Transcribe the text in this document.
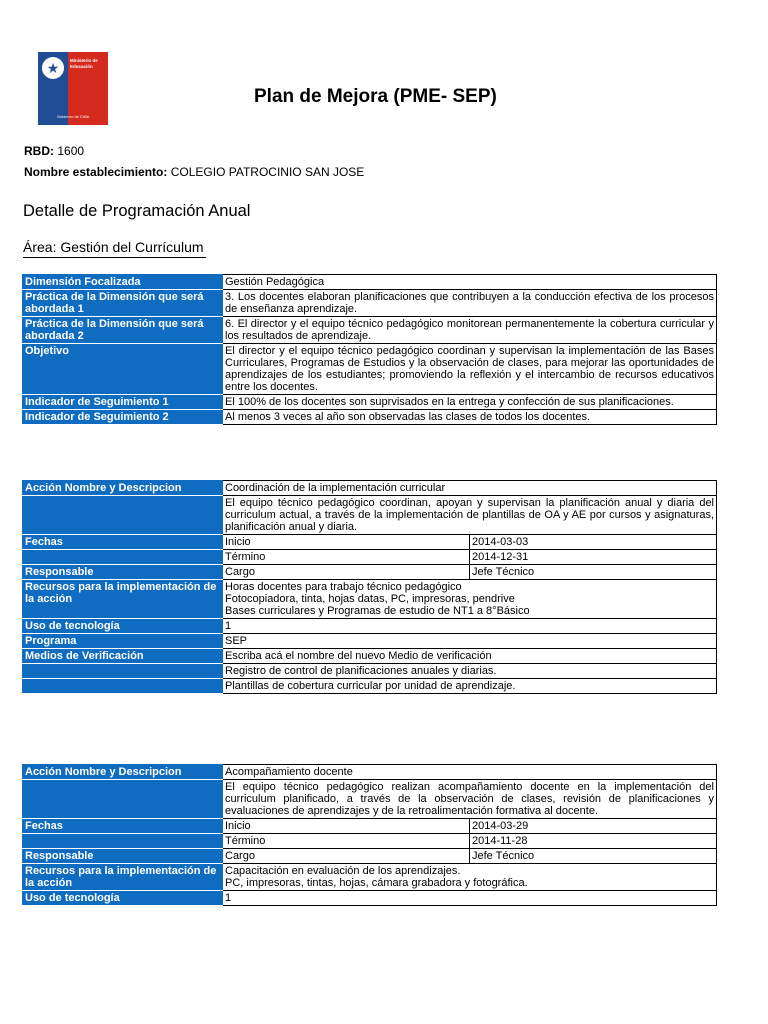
★	Ministerio de
Educación
Gobierno de Chile
Plan de Mejora (PME- SEP)
RBD: 1600
Nombre establecimiento: COLEGIO PATROCINIO SAN JOSE
Detalle de Programación Anual
Área: Gestión del Currículum
Dimensión Focalizada	Gestión Pedagógica
Práctica de la Dimensión que será abordada 1	3. Los docentes elaboran planificaciones que contribuyen a la conducción efectiva de los procesos de enseñanza aprendizaje.
Práctica de la Dimensión que será abordada 2	6. El director y el equipo técnico pedagógico monitorean permanentemente la cobertura curricular y los resultados de aprendizaje.
Objetivo	El director y el equipo técnico pedagógico coordinan y supervisan la implementación de las Bases Curriculares, Programas de Estudios y la observación de clases, para mejorar las oportunidades de aprendizajes de los estudiantes; promoviendo la reflexión y el intercambio de recursos educativos entre los docentes.
Indicador de Seguimiento 1	El 100% de los docentes son suprvisados en la entrega y confección de sus planificaciones.
Indicador de Seguimiento 2	Al menos 3 veces al año son observadas las clases de todos los docentes.
Acción Nombre y Descripcion	Coordinación de la implementación curricular	
	El equipo técnico pedagógico coordinan, apoyan y supervisan la planificación anual y diaria del curriculum actual, a través de la implementación de plantillas de OA y AE por cursos y asignaturas, planificación anual y diaria.	
Fechas	Inicio	2014-03-03
	Término	2014-12-31
Responsable	Cargo	Jefe Técnico
Recursos para la implementación de la acción	Horas docentes para trabajo técnico pedagógico
Fotocopiadora, tinta, hojas datas, PC, impresoras, pendrive
Bases curriculares y Programas de estudio de NT1 a 8°Básico	

Uso de tecnología	1	
Programa	SEP	
Medios de Verificación	Escriba acá el nombre del nuevo Medio de verificación	
	Registro de control de planificaciones anuales y diarias.	
	Plantillas de cobertura curricular por unidad de aprendizaje.	
Acción Nombre y Descripcion	Acompañamiento docente	
	El equipo técnico pedagógico realizan acompañamiento docente en la implementación del curriculum planificado, a través de la observación de clases, revisión de planificaciones y evaluaciones de aprendizajes y de la retroalimentación formativa al docente.	
Fechas	Inicio	2014-03-29
	Término	2014-11-28
Responsable	Cargo	Jefe Técnico
Recursos para la implementación de la acción	Capacitación en evaluación de los aprendizajes.
PC, impresoras, tintas, hojas, cámara grabadora y fotográfica.	

Uso de tecnología	1	
